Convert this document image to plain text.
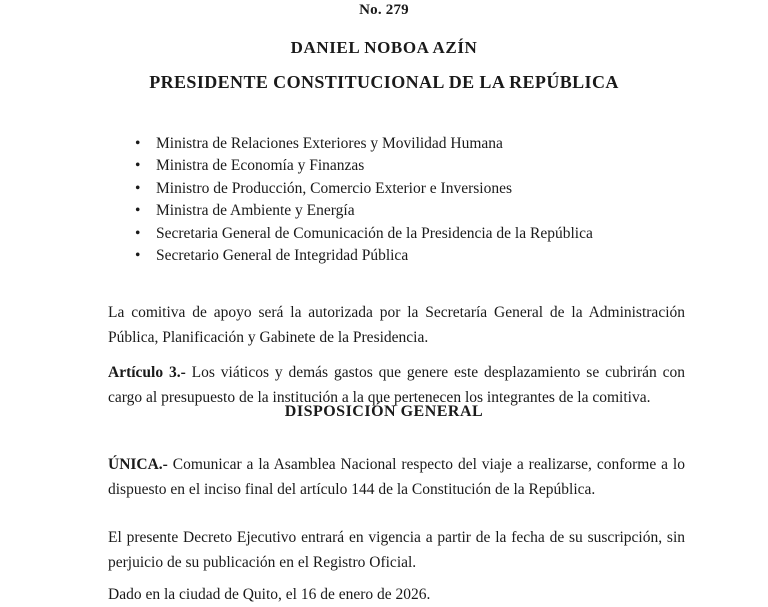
No. 279
DANIEL NOBOA AZÍN
PRESIDENTE CONSTITUCIONAL DE LA REPÚBLICA
• Ministra de Relaciones Exteriores y Movilidad Humana
• Ministra de Economía y Finanzas
• Ministro de Producción, Comercio Exterior e Inversiones
• Ministra de Ambiente y Energía
• Secretaria General de Comunicación de la Presidencia de la República
• Secretario General de Integridad Pública

La comitiva de apoyo será la autorizada por la Secretaría General de la Administración Pública, Planificación y Gabinete de la Presidencia.

Artículo 3.- Los viáticos y demás gastos que genere este desplazamiento se cubrirán con cargo al presupuesto de la institución a la que pertenecen los integrantes de la comitiva.

DISPOSICIÓN GENERAL

ÚNICA.- Comunicar a la Asamblea Nacional respecto del viaje a realizarse, conforme a lo dispuesto en el inciso final del artículo 144 de la Constitución de la República.

El presente Decreto Ejecutivo entrará en vigencia a partir de la fecha de su suscripción, sin perjuicio de su publicación en el Registro Oficial.

Dado en la ciudad de Quito, el 16 de enero de 2026.
